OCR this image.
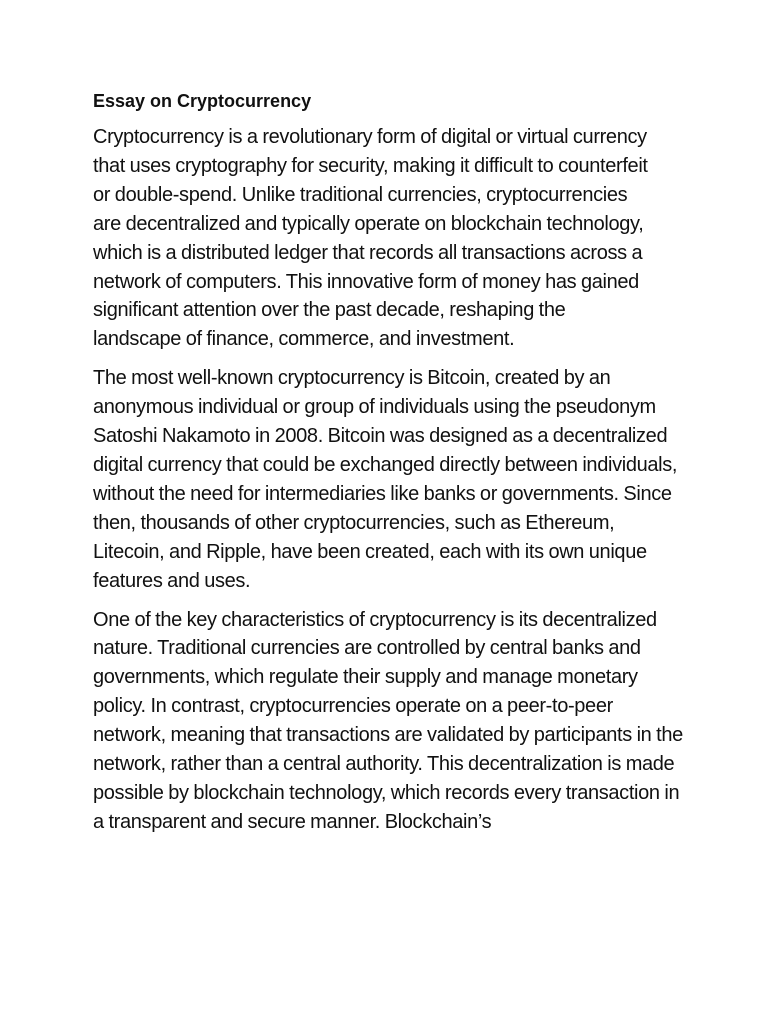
Essay on Cryptocurrency

Cryptocurrency is a revolutionary form of digital or virtual currency that uses cryptography for security, making it difficult to counterfeit or double-spend. Unlike traditional currencies, cryptocurrencies are decentralized and typically operate on blockchain technology, which is a distributed ledger that records all transactions across a network of computers. This innovative form of money has gained significant attention over the past decade, reshaping the landscape of finance, commerce, and investment.

The most well-known cryptocurrency is Bitcoin, created by an anonymous individual or group of individuals using the pseudonym Satoshi Nakamoto in 2008. Bitcoin was designed as a decentralized digital currency that could be exchanged directly between individuals, without the need for intermediaries like banks or governments. Since then, thousands of other cryptocurrencies, such as Ethereum, Litecoin, and Ripple, have been created, each with its own unique features and uses.

One of the key characteristics of cryptocurrency is its decentralized nature. Traditional currencies are controlled by central banks and governments, which regulate their supply and manage monetary policy. In contrast, cryptocurrencies operate on a peer-to-peer network, meaning that transactions are validated by participants in the network, rather than a central authority. This decentralization is made possible by blockchain technology, which records every transaction in a transparent and secure manner. Blockchain’s
